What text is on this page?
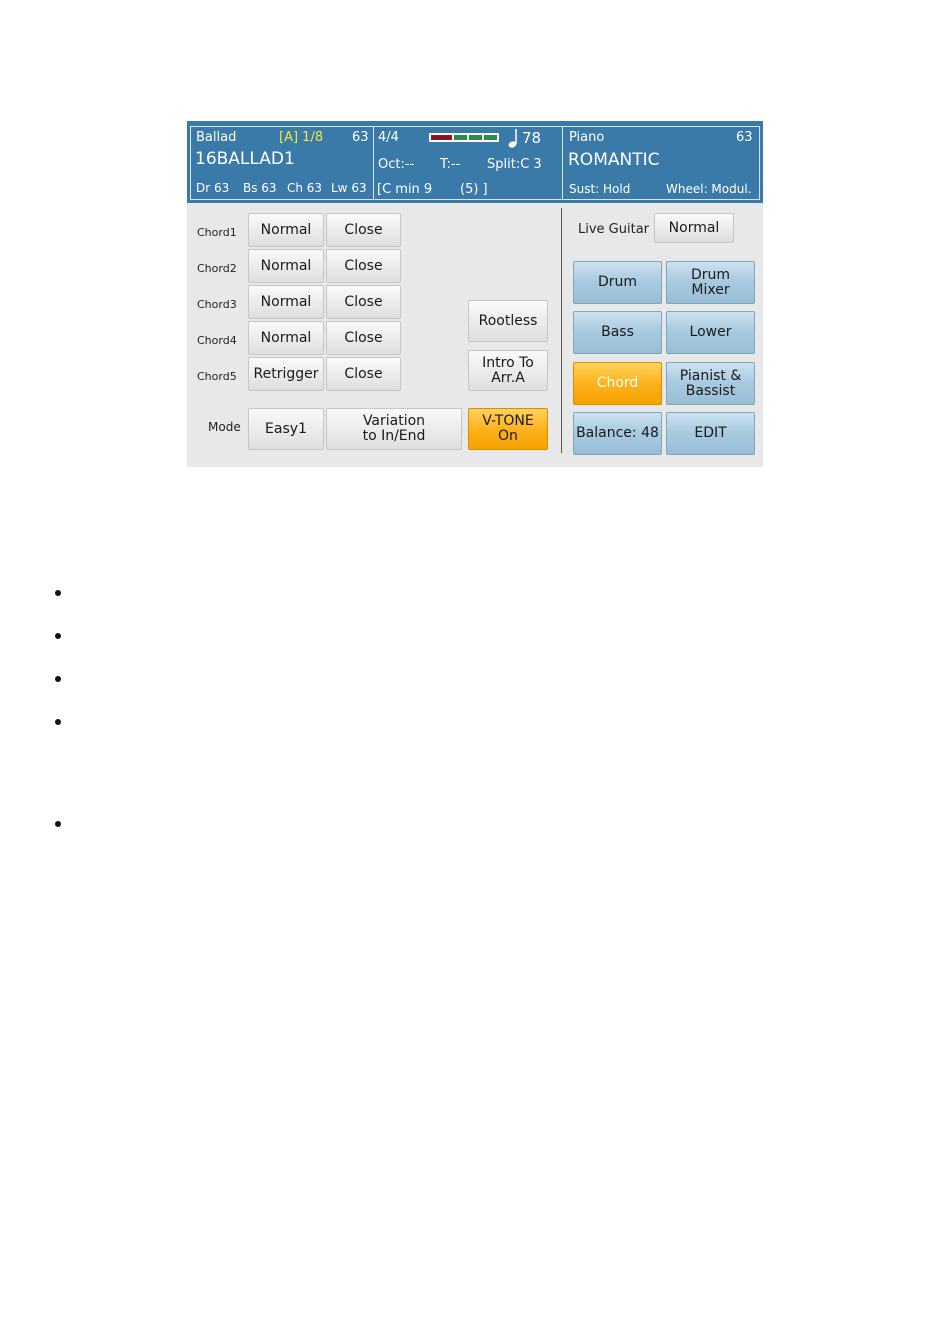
Ballad	[A] 1/8 63
16BALLAD1
Dr 63 Bs 63 Ch 63 Lw 63
4/4	78
Oct:-- T:-- Split:C 3
[C min 9 (5) ]
Piano	63
ROMANTIC
Sust: Hold	Wheel: Modul.
Chord1	Normal	Close
Chord2	Normal	Close
Chord3	Normal	Close
Chord4	Normal	Close
Chord5	Retrigger	Close
Rootless
Intro To
Arr.A
Mode	Easy1	Variation
to In/End
V-TONE
On
Live Guitar	Normal
Drum	Drum
Mixer
Bass	Lower
Chord	Pianist &
Bassist
Balance: 48	EDIT
